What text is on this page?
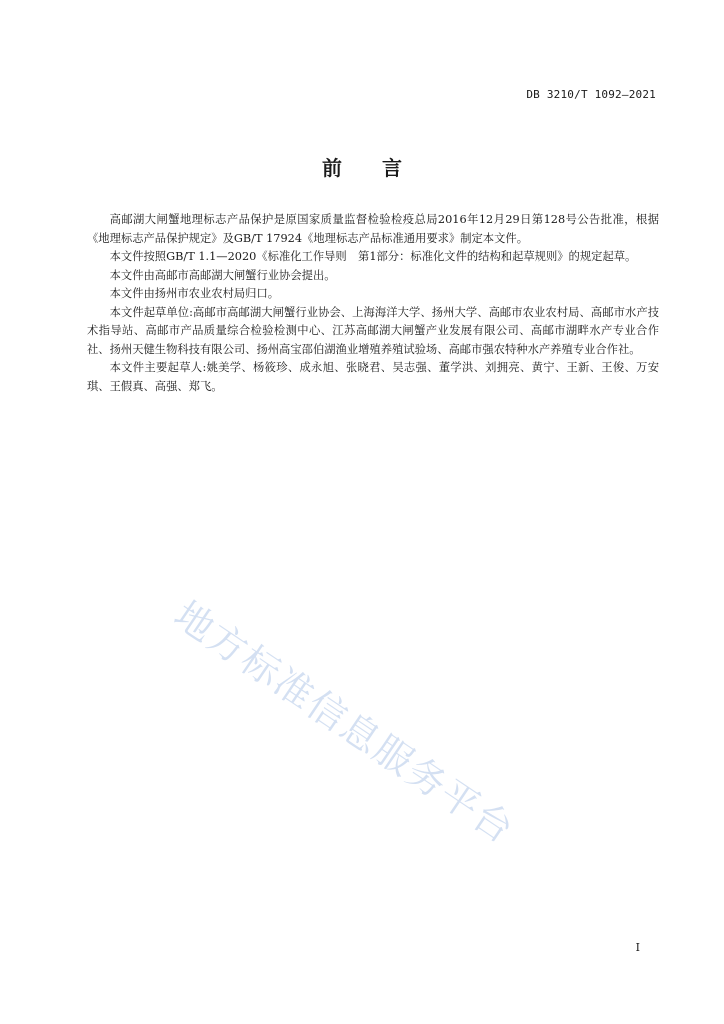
DB 3210/T 1092—2021
前 言

高邮湖大闸蟹地理标志产品保护是原国家质量监督检验检疫总局2016年12月29日第128号公告批准，根据《地理标志产品保护规定》及GB/T 17924《地理标志产品标准通用要求》制定本文件。

本文件按照GB/T 1.1—2020《标准化工作导则　第1部分：标准化文件的结构和起草规则》的规定起草。

本文件由高邮市高邮湖大闸蟹行业协会提出。

本文件由扬州市农业农村局归口。

本文件起草单位:高邮市高邮湖大闸蟹行业协会、上海海洋大学、扬州大学、高邮市农业农村局、高邮市水产技术指导站、高邮市产品质量综合检验检测中心、江苏高邮湖大闸蟹产业发展有限公司、高邮市湖畔水产专业合作社、扬州天健生物科技有限公司、扬州高宝邵伯湖渔业增殖养殖试验场、高邮市强农特种水产养殖专业合作社。

本文件主要起草人:姚美学、杨筱珍、成永旭、张晓君、吴志强、董学洪、刘拥亮、黄宁、王新、王俊、万安琪、王假真、高强、郑飞。

地方标准信息服务平台
I
